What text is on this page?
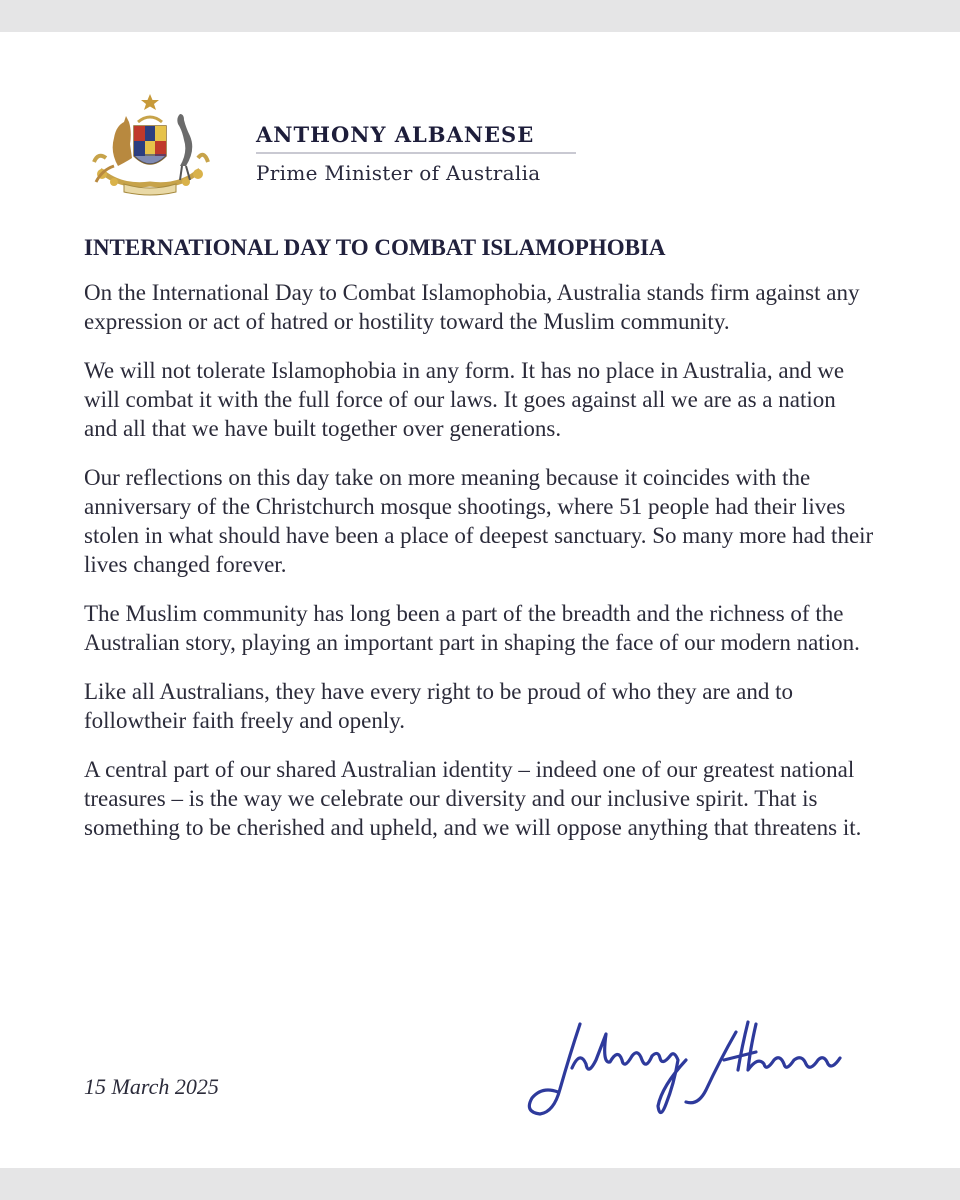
ANTHONY ALBANESE
Prime Minister of Australia
INTERNATIONAL DAY TO COMBAT ISLAMOPHOBIA

On the International Day to Combat Islamophobia, Australia stands firm against any expression or act of hatred or hostility toward the Muslim community.

We will not tolerate Islamophobia in any form. It has no place in Australia, and we will combat it with the full force of our laws. It goes against all we are as a nation and all that we have built together over generations.

Our reflections on this day take on more meaning because it coincides with the anniversary of the Christchurch mosque shootings, where 51 people had their lives stolen in what should have been a place of deepest sanctuary. So many more had their lives changed forever.

The Muslim community has long been a part of the breadth and the richness of the Australian story, playing an important part in shaping the face of our modern nation.

Like all Australians, they have every right to be proud of who they are and to followtheir faith freely and openly.

A central part of our shared Australian identity – indeed one of our greatest national treasures – is the way we celebrate our diversity and our inclusive spirit. That is something to be cherished and upheld, and we will oppose anything that threatens it.

15 March 2025
